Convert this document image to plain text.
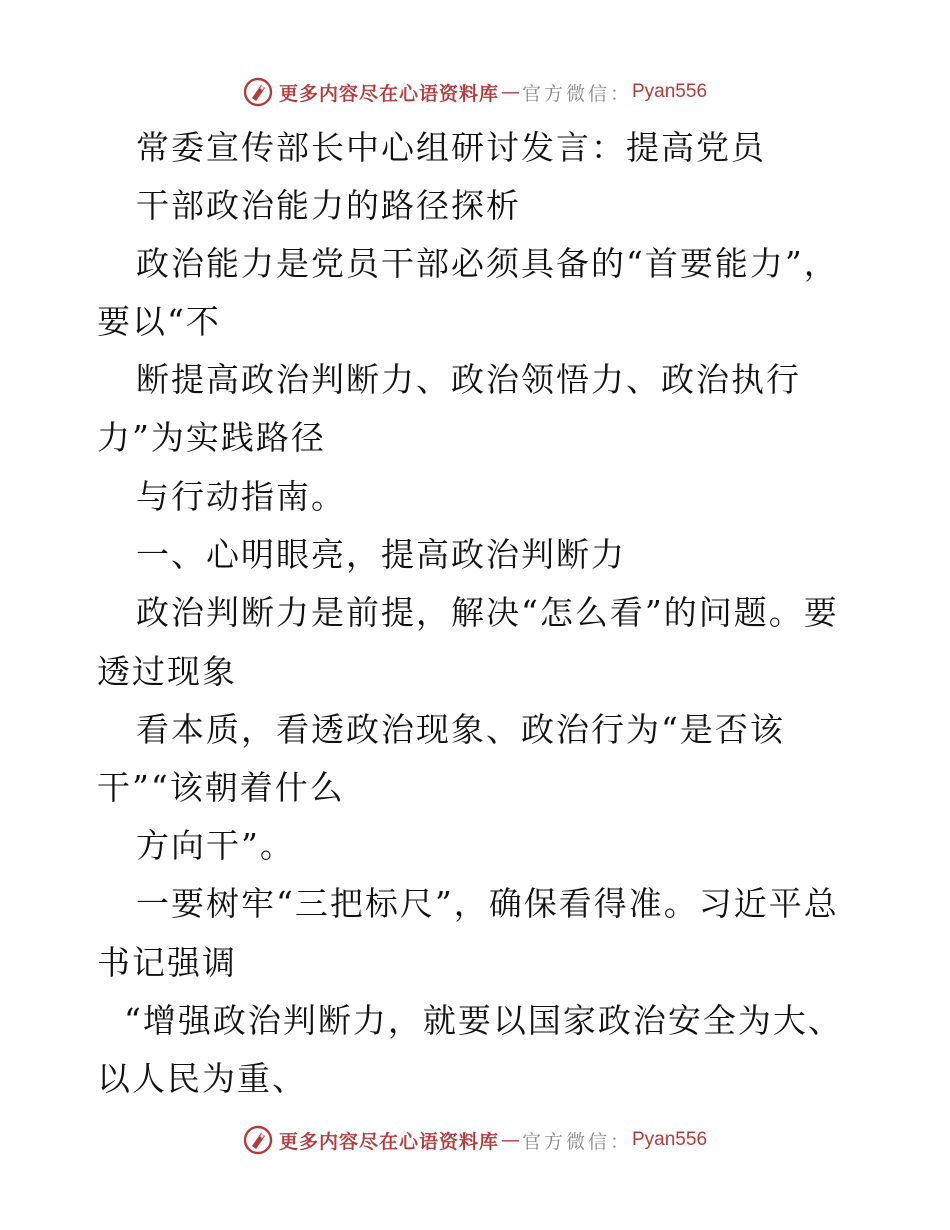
更多内容尽在心语资料库 — 官方微信： Pyan556
常委宣传部长中心组研讨发言：提高党员
干部政治能力的路径探析
政治能力是党员干部必须具备的“首要能力”，
要以“不
断提高政治判断力、政治领悟力、政治执行
力”为实践路径
与行动指南。
一、心明眼亮，提高政治判断力
政治判断力是前提，解决“怎么看”的问题。要
透过现象
看本质，看透政治现象、政治行为“是否该
干”“该朝着什么
方向干”。
一要树牢“三把标尺”，确保看得准。习近平总
书记强调
“增强政治判断力，就要以国家政治安全为大、
以人民为重、
更多内容尽在心语资料库 — 官方微信： Pyan556
